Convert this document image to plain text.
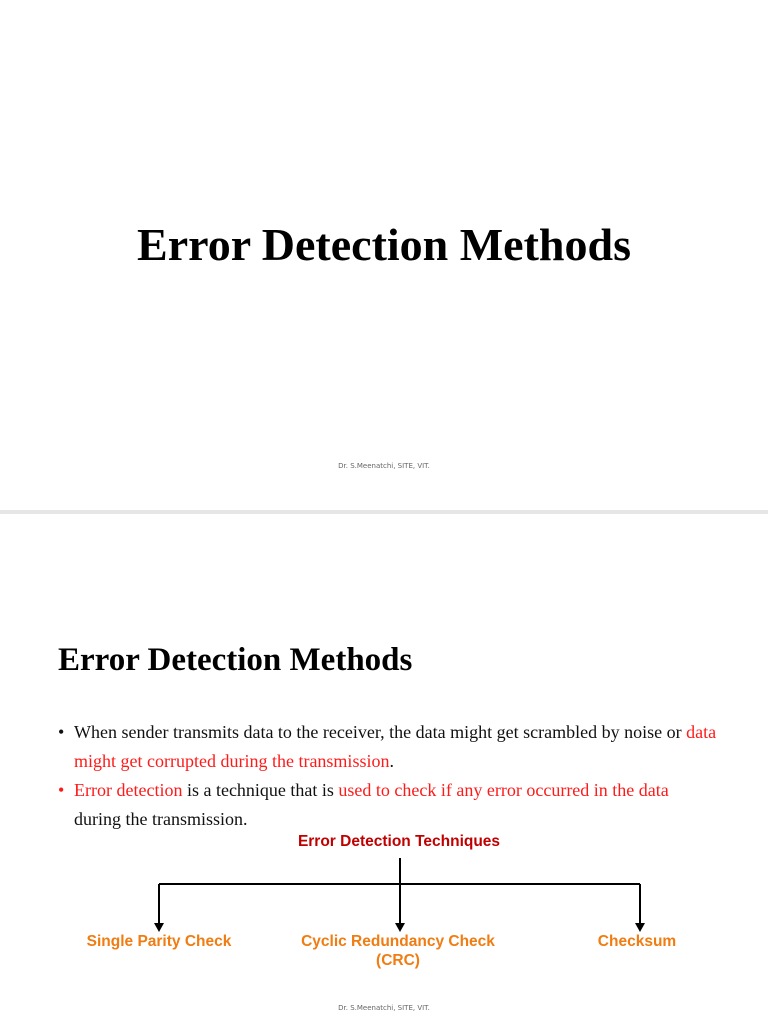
Error Detection Methods
Dr. S.Meenatchi, SITE, VIT.
Error Detection Methods
• When sender transmits data to the receiver, the data might get scrambled by noise or data might get corrupted during the transmission.
• Error detection is a technique that is used to check if any error occurred in the data during the transmission.
Error Detection Techniques
Single Parity Check	Cyclic Redundancy Check (CRC)
Checksum
Dr. S.Meenatchi, SITE, VIT.
